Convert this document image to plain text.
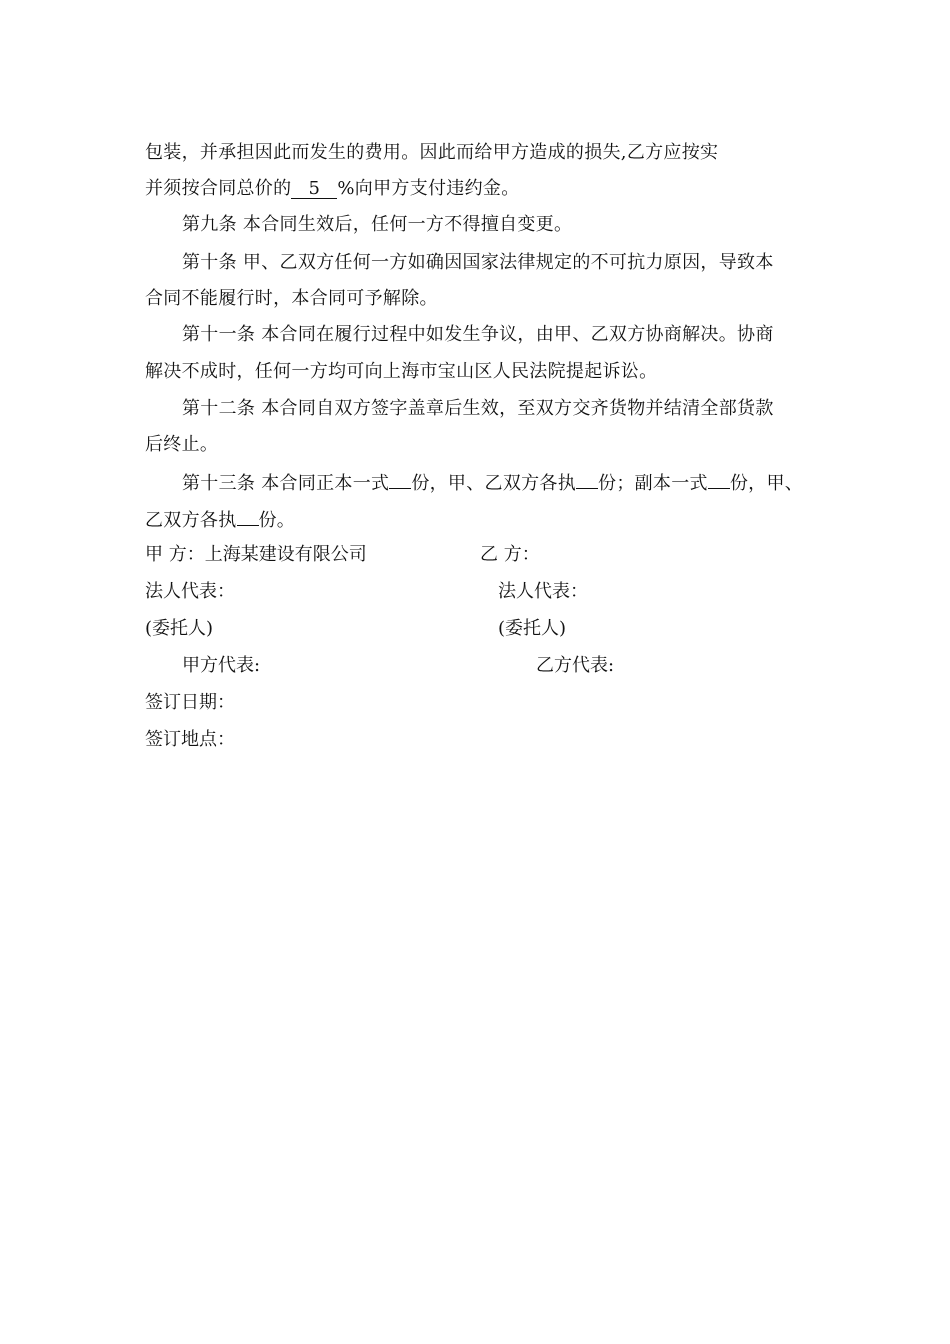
包装，并承担因此而发生的费用。因此而给甲方造成的损失,乙方应按实
并须按合同总价的 5 %向甲方支付违约金。
第九条 本合同生效后，任何一方不得擅自变更。
第十条 甲、乙双方任何一方如确因国家法律规定的不可抗力原因，导致本
合同不能履行时，本合同可予解除。
第十一条 本合同在履行过程中如发生争议，由甲、乙双方协商解决。协商
解决不成时，任何一方均可向上海市宝山区人民法院提起诉讼。
第十二条 本合同自双方签字盖章后生效，至双方交齐货物并结清全部货款
后终止。
第十三条 本合同正本一式 份，甲、乙双方各执 份；副本一式 份，甲、
乙双方各执 份。
甲 方：上海某建设有限公司	乙 方：
法人代表：	法人代表：
(委托人)	(委托人)
甲方代表:	乙方代表:
签订日期：
签订地点：
